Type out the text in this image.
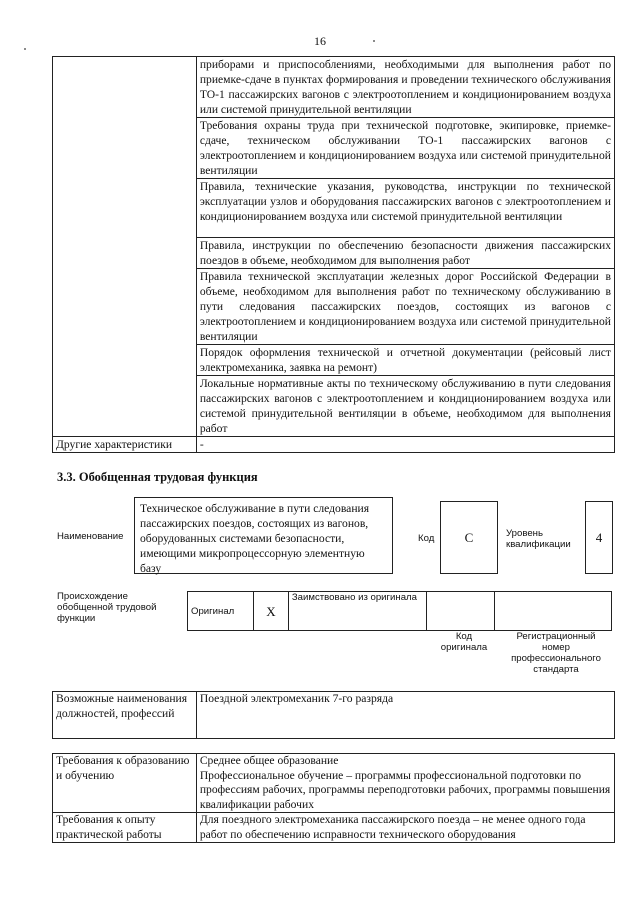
16
	приборами и приспособлениями, необходимыми для выполнения работ по приемке-сдаче в пунктах формирования и проведении технического обслуживания ТО-1 пассажирских вагонов с электроотоплением и кондиционированием воздуха или системой принудительной вентиляции
	Требования охраны труда при технической подготовке, экипировке, приемке-сдаче, техническом обслуживании ТО-1 пассажирских вагонов с электроотоплением и кондиционированием воздуха или системой принудительной вентиляции
	Правила, технические указания, руководства, инструкции по технической эксплуатации узлов и оборудования пассажирских вагонов с электроотоплением и кондиционированием воздуха или системой принудительной вентиляции
	Правила, инструкции по обеспечению безопасности движения пассажирских поездов в объеме, необходимом для выполнения работ
	Правила технической эксплуатации железных дорог Российской Федерации в объеме, необходимом для выполнения работ по техническому обслуживанию в пути следования пассажирских поездов, состоящих из вагонов с электроотоплением и кондиционированием воздуха или системой принудительной вентиляции
	Порядок оформления технической и отчетной документации (рейсовый лист электромеханика, заявка на ремонт)
	Локальные нормативные акты по техническому обслуживанию в пути следования пассажирских вагонов с электроотоплением и кондиционированием воздуха или системой принудительной вентиляции в объеме, необходимом для выполнения работ
Другие характеристики	-
3.3. Обобщенная трудовая функция
Наименование
Техническое обслуживание в пути следования пассажирских поездов, состоящих из вагонов, оборудованных системами безопасности, имеющими микропроцессорную элементную базу
Код	C	Уровень квалификации	4
Происхождение обобщенной трудовой функции
Оригинал	X	Заимствовано из оригинала		
Код оригинала
Регистрационный номер профессионального стандарта
Возможные наименования должностей, профессий	Поездной электромеханик 7-го разряда
Требования к образованию и обучению	Среднее общее образование
Профессиональное обучение – программы профессиональной подготовки по профессиям рабочих, программы переподготовки рабочих, программы повышения квалификации рабочих
Требования к опыту практической работы	Для поездного электромеханика пассажирского поезда – не менее одного года работ по обеспечению исправности технического оборудования
